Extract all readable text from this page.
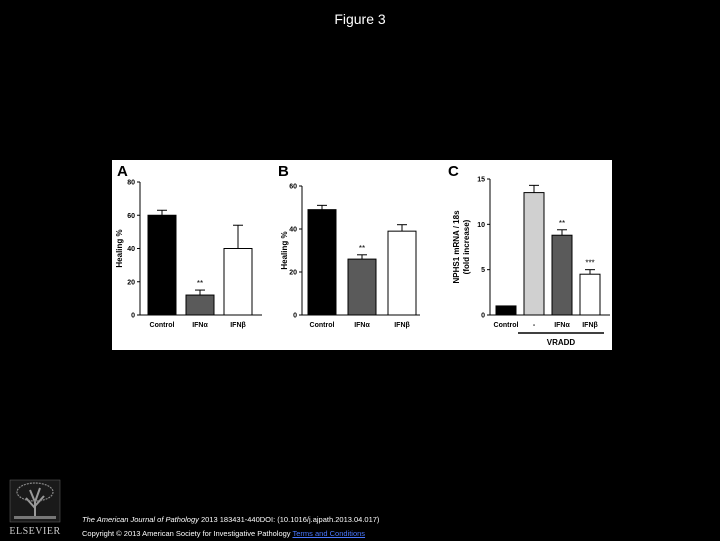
Figure 3
A
0
20
40
60
80
Healing %
Control
**
IFNα	IFNβ
B
0
20
40
60
Healing %
Control
**
IFNα	IFNβ
C
0
5
10
15
NPHS1 mRNA / 18s (fold increase)
Control -
**
IFNα
***
IFNβ
VRADD
ELSEVIER
The American Journal of Pathology 2013 183431-440DOI: (10.1016/j.ajpath.2013.04.017)
Copyright © 2013 American Society for Investigative Pathology Terms and Conditions
